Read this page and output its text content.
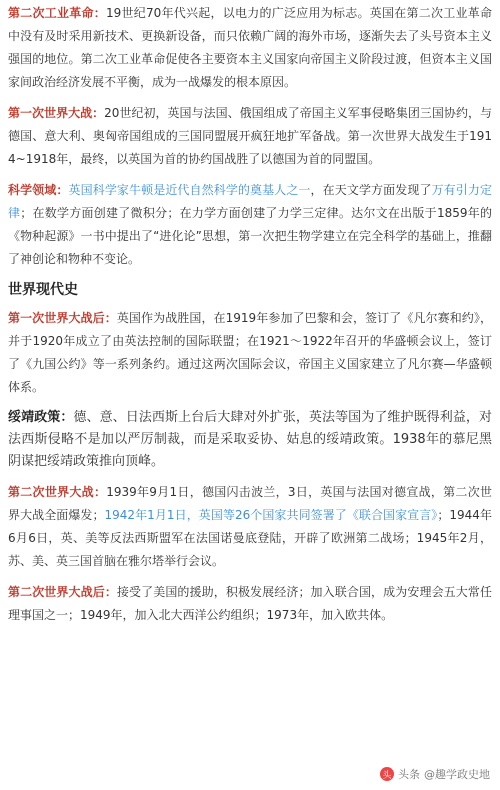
第二次工业革命：19世纪70年代兴起，以电力的广泛应用为标志。英国在第二次工业革命中没有及时采用新技术、更换新设备，而只依赖广阔的海外市场，逐渐失去了头号资本主义强国的地位。第二次工业革命促使各主要资本主义国家向帝国主义阶段过渡，但资本主义国家间政治经济发展不平衡，成为一战爆发的根本原因。

第一次世界大战：20世纪初，英国与法国、俄国组成了帝国主义军事侵略集团三国协约，与德国、意大利、奥匈帝国组成的三国同盟展开疯狂地扩军备战。第一次世界大战发生于1914~1918年，最终，以英国为首的协约国战胜了以德国为首的同盟国。

科学领域：英国科学家牛顿是近代自然科学的奠基人之一，在天文学方面发现了万有引力定律；在数学方面创建了微积分；在力学方面创建了力学三定律。达尔文在出版于1859年的《物种起源》一书中提出了“进化论”思想，第一次把生物学建立在完全科学的基础上，推翻了神创论和物种不变论。

世界现代史

第一次世界大战后：英国作为战胜国，在1919年参加了巴黎和会，签订了《凡尔赛和约》，并于1920年成立了由英法控制的国际联盟；在1921～1922年召开的华盛顿会议上，签订了《九国公约》等一系列条约。通过这两次国际会议，帝国主义国家建立了凡尔赛—华盛顿体系。

绥靖政策：德、意、日法西斯上台后大肆对外扩张，英法等国为了维护既得利益，对法西斯侵略不是加以严厉制裁，而是采取妥协、姑息的绥靖政策。1938年的慕尼黑阴谋把绥靖政策推向顶峰。

第二次世界大战：1939年9月1日，德国闪击波兰，3日，英国与法国对德宣战，第二次世界大战全面爆发；1942年1月1日，英国等26个国家共同签署了《联合国家宣言》；1944年6月6日，英、美等反法西斯盟军在法国诺曼底登陆，开辟了欧洲第二战场；1945年2月，苏、美、英三国首脑在雅尔塔举行会议。

第二次世界大战后：接受了美国的援助，积极发展经济；加入联合国，成为安理会五大常任理事国之一；1949年，加入北大西洋公约组织；1973年，加入欧共体。

头 头条 @趣学政史地
